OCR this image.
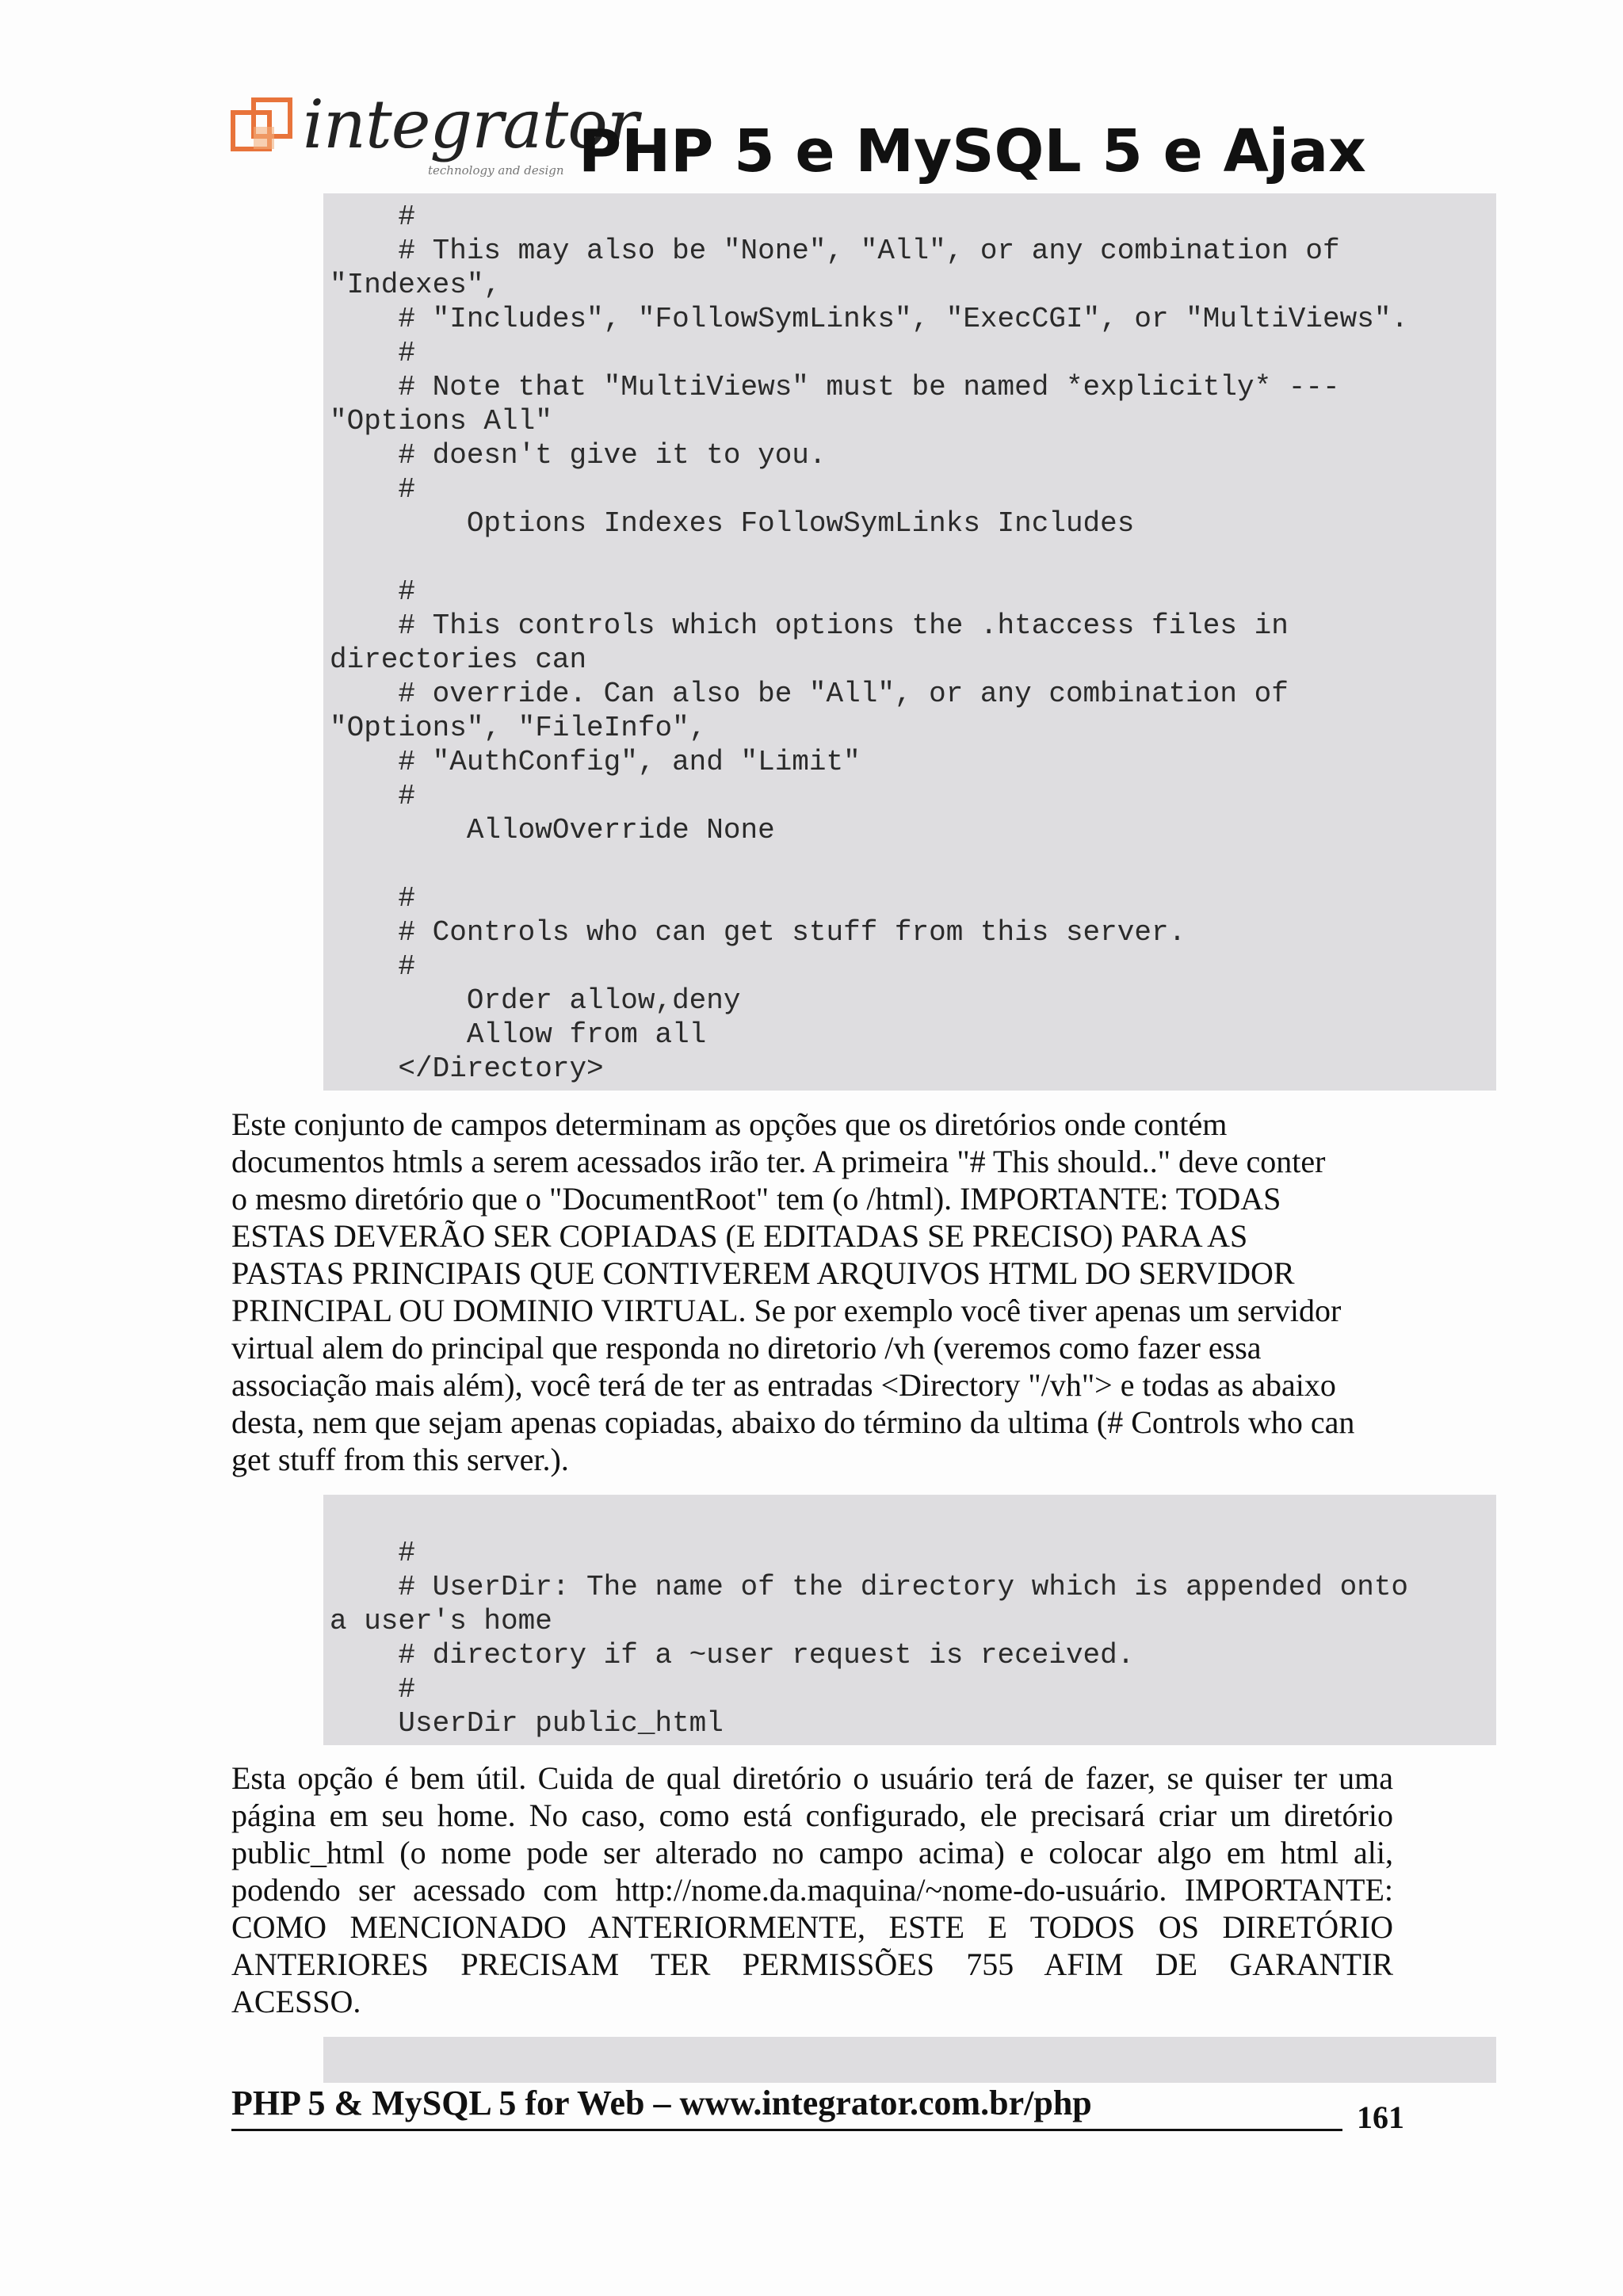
integrator
technology and design PHP 5 e MySQL 5 e Ajax
#
# This may also be "None", "All", or any combination of
"Indexes",
# "Includes", "FollowSymLinks", "ExecCGI", or "MultiViews".
#
# Note that "MultiViews" must be named *explicitly* ---
"Options All"
# doesn't give it to you.
#
Options Indexes FollowSymLinks Includes
#
# This controls which options the .htaccess files in
directories can
# override. Can also be "All", or any combination of
"Options", "FileInfo",
# "AuthConfig", and "Limit"
#
AllowOverride None
#
# Controls who can get stuff from this server.
#
Order allow,deny
Allow from all
</Directory>
Este conjunto de campos determinam as opções que os diretórios onde contém
documentos htmls a serem acessados irão ter. A primeira "# This should.." deve conter
o mesmo diretório que o "DocumentRoot" tem (o /html). IMPORTANTE: TODAS
ESTAS DEVERÃO SER COPIADAS (E EDITADAS SE PRECISO) PARA AS
PASTAS PRINCIPAIS QUE CONTIVEREM ARQUIVOS HTML DO SERVIDOR
PRINCIPAL OU DOMINIO VIRTUAL. Se por exemplo você tiver apenas um servidor
virtual alem do principal que responda no diretorio /vh (veremos como fazer essa
associação mais além), você terá de ter as entradas <Directory "/vh"> e todas as abaixo
desta, nem que sejam apenas copiadas, abaixo do término da ultima (# Controls who can
get stuff from this server.).
#
# UserDir: The name of the directory which is appended onto
a user's home
# directory if a ~user request is received.
#
UserDir public_html
Esta opção é bem útil. Cuida de qual diretório o usuário terá de fazer, se quiser ter uma
página em seu home. No caso, como está configurado, ele precisará criar um diretório
public_html (o nome pode ser alterado no campo acima) e colocar algo em html ali,
podendo ser acessado com http://nome.da.maquina/~nome-do-usuário. IMPORTANTE:
COMO MENCIONADO ANTERIORMENTE, ESTE E TODOS OS DIRETÓRIO
ANTERIORES PRECISAM TER PERMISSÕES 755 AFIM DE GARANTIR
ACESSO.
PHP 5 & MySQL 5 for Web – www.integrator.com.br/php	161
